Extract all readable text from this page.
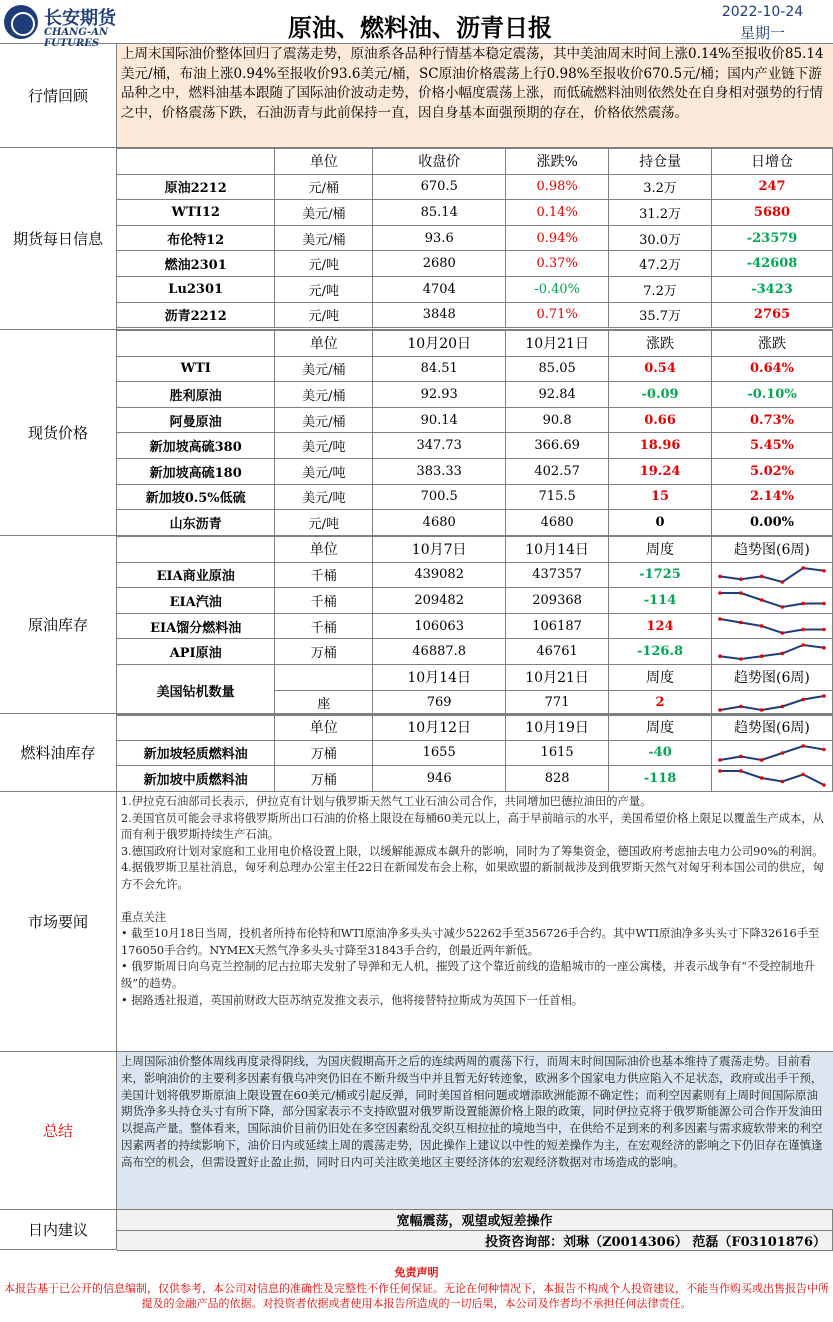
长安期货
CHANG-AN FUTURES
原油、燃料油、沥青日报
2022-10-24
星期一
行情回顾
上周末国际油价整体回归了震荡走势，原油系各品种行情基本稳定震荡，其中美油周末时间上涨0.14%至报收价85.14美元/桶，布油上涨0.94%至报收价93.6美元/桶，SC原油价格震荡上行0.98%至报收价670.5元/桶；国内产业链下游品种之中，燃料油基本跟随了国际油价波动走势，价格小幅度震荡上涨，而低硫燃料油则依然处在自身相对强势的行情之中，价格震荡下跌，石油沥青与此前保持一直，因自身基本面强预期的存在，价格依然震荡。
期货每日信息
	单位	收盘价	涨跌%	持仓量	日增仓
原油2212	元/桶	670.5	0.98%	3.2万	247
WTI12	美元/桶	85.14	0.14%	31.2万	5680
布伦特12	美元/桶	93.6	0.94%	30.0万	-23579
燃油2301	元/吨	2680	0.37%	47.2万	-42608
Lu2301	元/吨	4704	-0.40%	7.2万	-3423
沥青2212	元/吨	3848	0.71%	35.7万	2765
现货价格
	单位	10月20日	10月21日	涨跌	涨跌
WTI	美元/桶	84.51	85.05	0.54	0.64%
胜利原油	美元/桶	92.93	92.84	-0.09	-0.10%
阿曼原油	美元/桶	90.14	90.8	0.66	0.73%
新加坡高硫380	美元/吨	347.73	366.69	18.96	5.45%
新加坡高硫180	美元/吨	383.33	402.57	19.24	5.02%
新加坡0.5%低硫	美元/吨	700.5	715.5	15	2.14%
山东沥青	元/吨	4680	4680	0	0.00%
原油库存
	单位	10月7日	10月14日	周度	趋势图(6周)
EIA商业原油	千桶	439082	437357	-1725	

EIA汽油	千桶	209482	209368	-114	

EIA馏分燃料油	千桶	106063	106187	124	

API原油	万桶	46887.8	46761	-126.8	

美国钻机数量		10月14日	10月21日	周度	趋势图(6周)
	座	769	771	2	
燃料油库存
	单位	10月12日	10月19日	周度	趋势图(6周)
新加坡轻质燃料油	万桶	1655	1615	-40	

新加坡中质燃料油	万桶	946	828	-118	
市场要闻
1.伊拉克石油部司长表示，伊拉克有计划与俄罗斯天然气工业石油公司合作，共同增加巴德拉油田的产量。
2.美国官员可能会寻求将俄罗斯所出口石油的价格上限设在每桶60美元以上，高于早前暗示的水平，美国希望价格上限足以覆盖生产成本，从而有利于俄罗斯持续生产石油。
3.德国政府计划对家庭和工业用电价格设置上限，以缓解能源成本飙升的影响，同时为了筹集资金，德国政府考虑抽去电力公司90%的利润。
4.据俄罗斯卫星社消息，匈牙利总理办公室主任22日在新闻发布会上称，如果欧盟的新制裁涉及到俄罗斯天然气对匈牙利本国公司的供应，匈方不会允许。
重点关注
• 截至10月18日当周，投机者所持布伦特和WTI原油净多头头寸减少52262手至356726手合约。其中WTI原油净多头头寸下降32616手至176050手合约。NYMEX天然气净多头头寸降至31843手合约，创最近两年新低。
• 俄罗斯周日向乌克兰控制的尼古拉耶夫发射了导弹和无人机，摧毁了这个靠近前线的造船城市的一座公寓楼，并表示战争有“不受控制地升级”的趋势。
• 据路透社报道，英国前财政大臣苏纳克发推文表示，他将接替特拉斯成为英国下一任首相。
总结
上周国际油价整体周线再度录得阴线，为国庆假期高开之后的连续两周的震荡下行，而周末时间国际油价也基本维持了震荡走势。目前看来，影响油价的主要利多因素有俄乌冲突仍旧在不断升级当中并且暂无好转迹象，欧洲多个国家电力供应陷入不足状态，政府或出手干预，美国计划将俄罗斯原油上限设置在60美元/桶或引起反弹，同时美国首相问题或增添欧洲能源不确定性；而利空因素则有上周时间国际原油期货净多头持仓头寸有所下降，部分国家表示不支持欧盟对俄罗斯设置能源价格上限的政策，同时伊拉克将于俄罗斯能源公司合作开发油田以提高产量。整体看来，国际油价目前仍旧处在多空因素纷乱交织互相拉扯的境地当中，在供给不足到来的利多因素与需求疲软带来的利空因素两者的持续影响下，油价日内或延续上周的震荡走势，因此操作上建议以中性的短差操作为主，在宏观经济的影响之下仍旧存在谨慎逢高布空的机会，但需设置好止盈止损，同时日内可关注欧美地区主要经济体的宏观经济数据对市场造成的影响。
日内建议	宽幅震荡，观望或短差操作
投资咨询部：刘琳（Z0014306） 范磊（F03101876）
免责声明
本报告基于已公开的信息编制，仅供参考，本公司对信息的准确性及完整性不作任何保证。无论在何种情况下，本报告不构成个人投资建议，不能当作购买或出售报告中所提及的金融产品的依据。对投资者依据或者使用本报告所造成的一切后果，本公司及作者均不承担任何法律责任。
